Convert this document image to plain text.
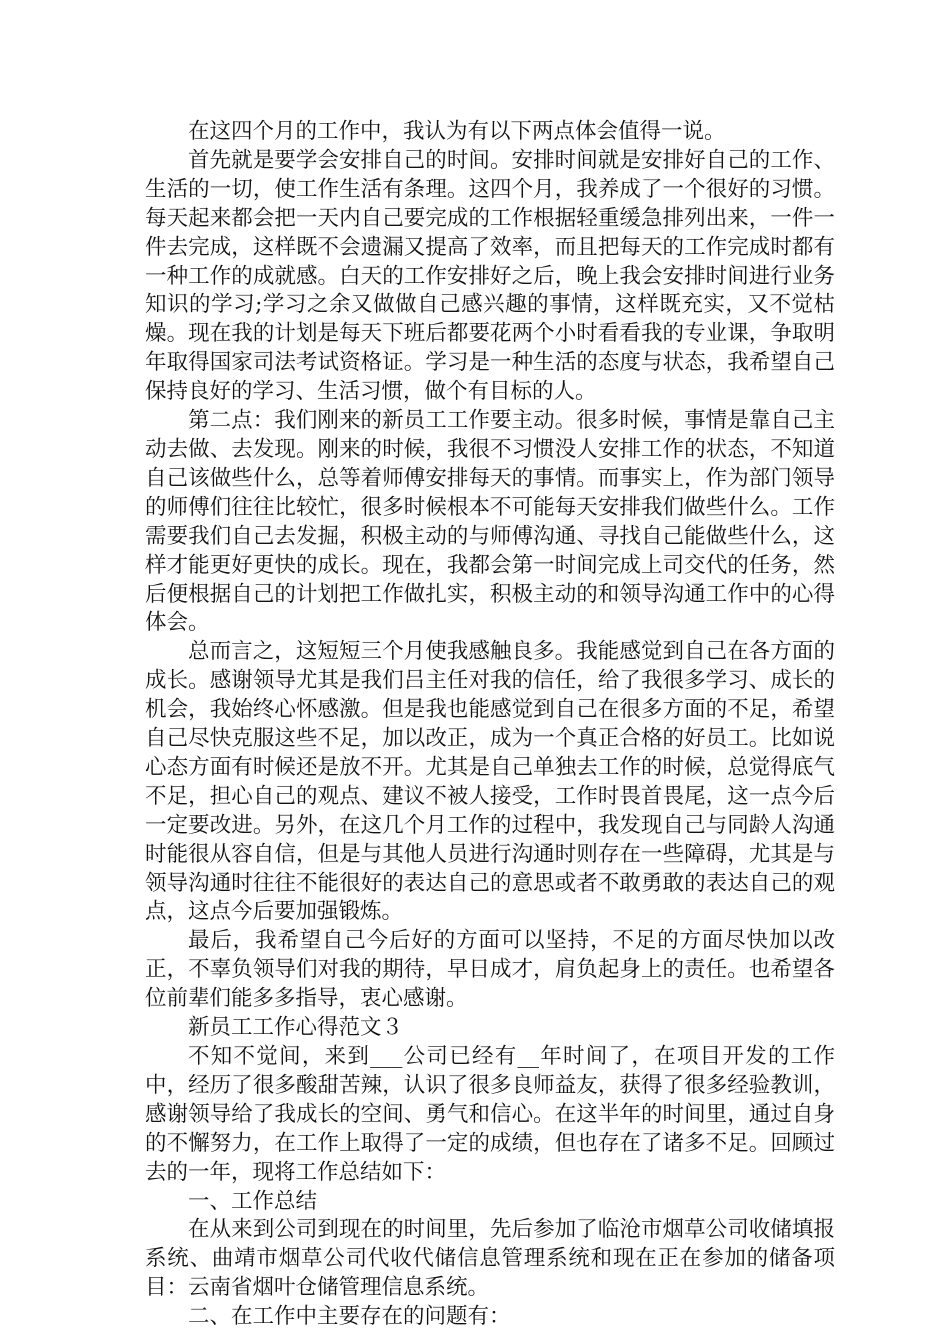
在这四个月的工作中，我认为有以下两点体会值得一说。

首先就是要学会安排自己的时间。安排时间就是安排好自己的工作、生活的一切，使工作生活有条理。这四个月，我养成了一个很好的习惯。每天起来都会把一天内自己要完成的工作根据轻重缓急排列出来，一件一件去完成，这样既不会遗漏又提高了效率，而且把每天的工作完成时都有一种工作的成就感。白天的工作安排好之后，晚上我会安排时间进行业务知识的学习;学习之余又做做自己感兴趣的事情，这样既充实，又不觉枯燥。现在我的计划是每天下班后都要花两个小时看看我的专业课，争取明年取得国家司法考试资格证。学习是一种生活的态度与状态，我希望自己保持良好的学习、生活习惯，做个有目标的人。

第二点：我们刚来的新员工工作要主动。很多时候，事情是靠自己主动去做、去发现。刚来的时候，我很不习惯没人安排工作的状态，不知道自己该做些什么，总等着师傅安排每天的事情。而事实上，作为部门领导的师傅们往往比较忙，很多时候根本不可能每天安排我们做些什么。工作需要我们自己去发掘，积极主动的与师傅沟通、寻找自己能做些什么，这样才能更好更快的成长。现在，我都会第一时间完成上司交代的任务，然后便根据自己的计划把工作做扎实，积极主动的和领导沟通工作中的心得体会。

总而言之，这短短三个月使我感触良多。我能感觉到自己在各方面的成长。感谢领导尤其是我们吕主任对我的信任，给了我很多学习、成长的机会，我始终心怀感激。但是我也能感觉到自己在很多方面的不足，希望自己尽快克服这些不足，加以改正，成为一个真正合格的好员工。比如说心态方面有时候还是放不开。尤其是自己单独去工作的时候，总觉得底气不足，担心自己的观点、建议不被人接受，工作时畏首畏尾，这一点今后一定要改进。另外，在这几个月工作的过程中，我发现自己与同龄人沟通时能很从容自信，但是与其他人员进行沟通时则存在一些障碍，尤其是与领导沟通时往往不能很好的表达自己的意思或者不敢勇敢的表达自己的观点，这点今后要加强锻炼。

最后，我希望自己今后好的方面可以坚持，不足的方面尽快加以改正，不辜负领导们对我的期待，早日成才，肩负起身上的责任。也希望各位前辈们能多多指导，衷心感谢。

新员工工作心得范文３

不知不觉间，来到___公司已经有__年时间了，在项目开发的工作中，经历了很多酸甜苦辣，认识了很多良师益友，获得了很多经验教训，感谢领导给了我成长的空间、勇气和信心。在这半年的时间里，通过自身的不懈努力，在工作上取得了一定的成绩，但也存在了诸多不足。回顾过去的一年，现将工作总结如下：

一、工作总结

在从来到公司到现在的时间里，先后参加了临沧市烟草公司收储填报系统、曲靖市烟草公司代收代储信息管理系统和现在正在参加的储备项目：云南省烟叶仓储管理信息系统。

二、在工作中主要存在的问题有：
